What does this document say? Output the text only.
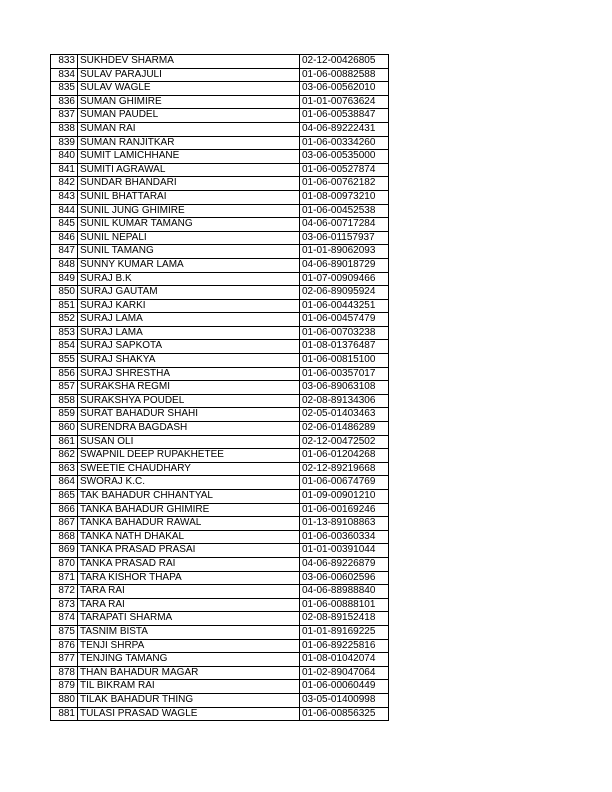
833	SUKHDEV SHARMA	02-12-00426805
834	SULAV PARAJULI	01-06-00882588
835	SULAV WAGLE	03-06-00562010
836	SUMAN GHIMIRE	01-01-00763624
837	SUMAN PAUDEL	01-06-00538847
838	SUMAN RAI	04-06-89222431
839	SUMAN RANJITKAR	01-06-00334260
840	SUMIT LAMICHHANE	03-06-00535000
841	SUMITI AGRAWAL	01-06-00527874
842	SUNDAR BHANDARI	01-06-00762182
843	SUNIL BHATTARAI	01-08-00973210
844	SUNIL JUNG GHIMIRE	01-06-00452538
845	SUNIL KUMAR TAMANG	04-06-00717284
846	SUNIL NEPALI	03-06-01157937
847	SUNIL TAMANG	01-01-89062093
848	SUNNY KUMAR LAMA	04-06-89018729
849	SURAJ B.K	01-07-00909466
850	SURAJ GAUTAM	02-06-89095924
851	SURAJ KARKI	01-06-00443251
852	SURAJ LAMA	01-06-00457479
853	SURAJ LAMA	01-06-00703238
854	SURAJ SAPKOTA	01-08-01376487
855	SURAJ SHAKYA	01-06-00815100
856	SURAJ SHRESTHA	01-06-00357017
857	SURAKSHA REGMI	03-06-89063108
858	SURAKSHYA POUDEL	02-08-89134306
859	SURAT BAHADUR SHAHI	02-05-01403463
860	SURENDRA BAGDASH	02-06-01486289
861	SUSAN OLI	02-12-00472502
862	SWAPNIL DEEP RUPAKHETEE	01-06-01204268
863	SWEETIE CHAUDHARY	02-12-89219668
864	SWORAJ K.C.	01-06-00674769
865	TAK BAHADUR CHHANTYAL	01-09-00901210
866	TANKA BAHADUR GHIMIRE	01-06-00169246
867	TANKA BAHADUR RAWAL	01-13-89108863
868	TANKA NATH DHAKAL	01-06-00360334
869	TANKA PRASAD PRASAI	01-01-00391044
870	TANKA PRASAD RAI	04-06-89226879
871	TARA KISHOR THAPA	03-06-00602596
872	TARA RAI	04-06-88988840
873	TARA RAI	01-06-00888101
874	TARAPATI SHARMA	02-08-89152418
875	TASNIM BISTA	01-01-89169225
876	TENJI SHRPA	01-06-89225816
877	TENJING TAMANG	01-08-01042074
878	THAN BAHADUR MAGAR	01-02-89047064
879	TIL BIKRAM RAI	01-06-00060449
880	TILAK BAHADUR THING	03-05-01400998
881	TULASI PRASAD WAGLE	01-06-00856325
